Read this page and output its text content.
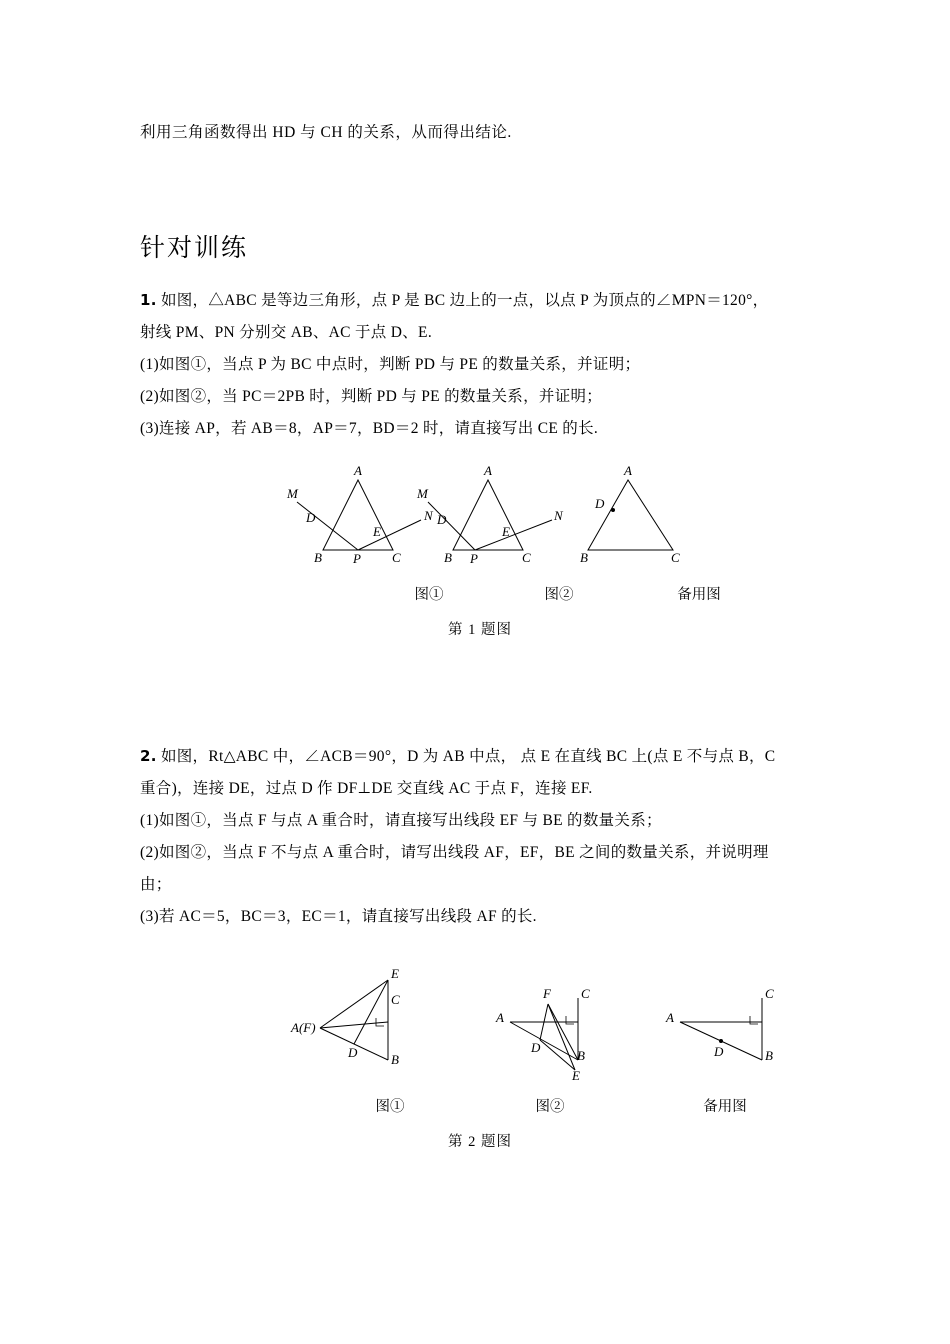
利用三角函数得出 HD 与 CH 的关系，从而得出结论.
针对训练
1. 如图，△ABC 是等边三角形，点 P 是 BC 边上的一点，以点 P 为顶点的∠MPN＝120°，
射线 PM、PN 分别交 AB、AC 于点 D、E.
(1)如图①，当点 P 为 BC 中点时，判断 PD 与 PE 的数量关系，并证明；
(2)如图②，当 PC＝2PB 时，判断 PD 与 PE 的数量关系，并证明；
(3)连接 AP，若 AB＝8，AP＝7，BD＝2 时，请直接写出 CE 的长.
A
M
N
D
E
B P C
A
M
N
D
E
B P	C
D
A
B	C
图①	图②	备用图
第 1 题图
2. 如图，Rt△ABC 中，∠ACB＝90°，D 为 AB 中点， 点 E 在直线 BC 上(点 E 不与点 B，C
重合)，连接 DE，过点 D 作 DF⊥DE 交直线 AC 于点 F，连接 EF.
(1)如图①，当点 F 与点 A 重合时，请直接写出线段 EF 与 BE 的数量关系；
(2)如图②，当点 F 不与点 A 重合时，请写出线段 AF，EF，BE 之间的数量关系，并说明理
由；
(3)若 AC＝5，BC＝3，EC＝1，请直接写出线段 AF 的长.
E
C
A(F)
D	B
F C
A
D
B
E
C
A
D	B
图①	图②	备用图
第 2 题图
